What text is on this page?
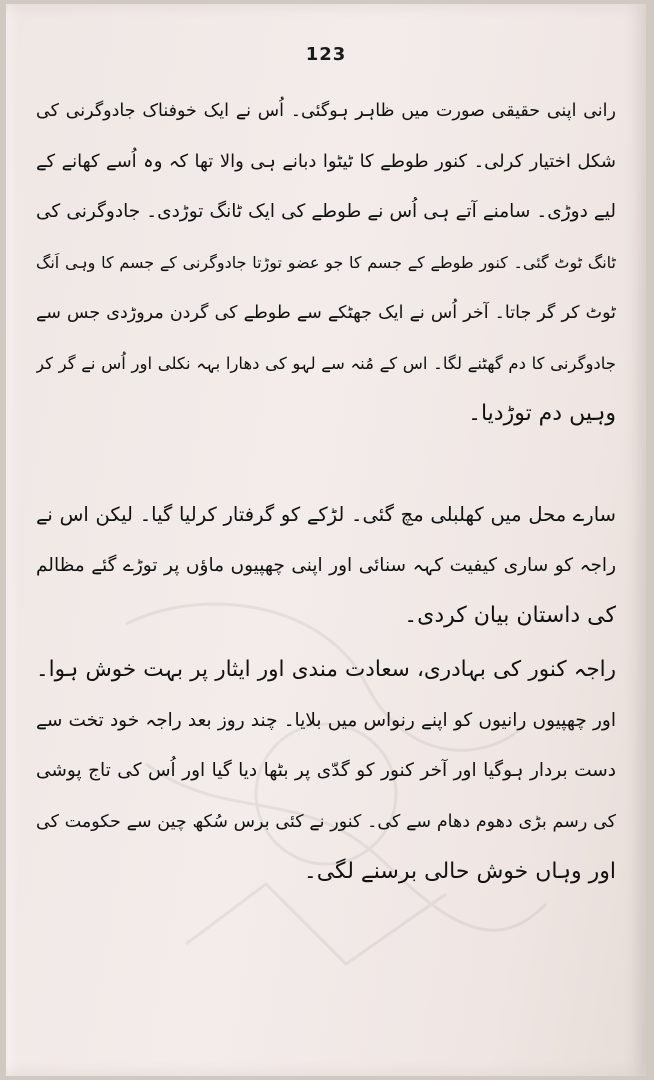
123
رانی اپنی حقیقی صورت میں ظاہر ہوگئی۔ اُس نے ایک خوفناک جادوگرنی کی
شکل اختیار کرلی۔ کنور طوطے کا ٹیٹوا دبانے ہی والا تھا کہ وہ اُسے کھانے کے
لیے دوڑی۔ سامنے آتے ہی اُس نے طوطے کی ایک ٹانگ توڑدی۔ جادوگرنی کی
ٹانگ ٹوٹ گئی۔ کنور طوطے کے جسم کا جو عضو توڑتا جادوگرنی کے جسم کا وہی اَنگ
ٹوٹ کر گر جاتا۔ آخر اُس نے ایک جھٹکے سے طوطے کی گردن مروڑدی جس سے
جادوگرنی کا دم گھٹنے لگا۔ اس کے مُنہ سے لہو کی دھارا بہہ نکلی اور اُس نے گر کر
وہیں دم توڑدیا۔
سارے محل میں کھلبلی مچ گئی۔ لڑکے کو گرفتار کرلیا گیا۔ لیکن اس نے
راجہ کو ساری کیفیت کہہ سنائی اور اپنی چھپیوں ماؤں پر توڑے گئے مظالم
کی داستان بیان کردی۔
راجہ کنور کی بہادری، سعادت مندی اور ایثار پر بہت خوش ہوا۔
اور چھپیوں رانیوں کو اپنے رنواس میں بلایا۔ چند روز بعد راجہ خود تخت سے
دست بردار ہوگیا اور آخر کنور کو گدّی پر بٹھا دیا گیا اور اُس کی تاج پوشی
کی رسم بڑی دھوم دھام سے کی۔ کنور نے کئی برس سُکھ چین سے حکومت کی
اور وہاں خوش حالی برسنے لگی۔
